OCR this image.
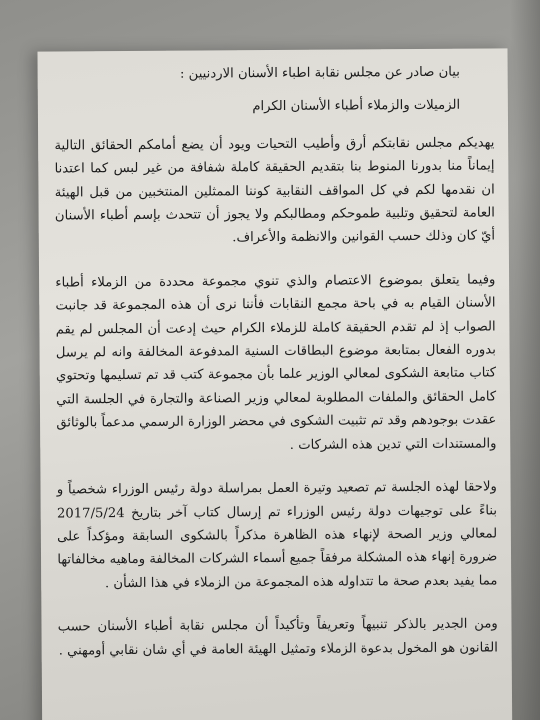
بيان صادر عن مجلس نقابة اطباء الأسنان الاردنيين :

الزميلات والزملاء أطباء الأسنان الكرام

يهديكم مجلس نقابتكم أرق وأطيب التحيات ويود أن يضع أمامكم الحقائق التالية إيماناً منا بدورنا المنوط بنا بتقديم الحقيقة كاملة شفافة من غير لبس كما اعتدنا ان نقدمها لكم في كل المواقف النقابية كوننا الممثلين المنتخبين من قبل الهيئة العامة لتحقيق وتلبية طموحكم ومطالبكم ولا يجوز أن تتحدث بإسم أطباء الأسنان أيّ كان وذلك حسب القوانين والانظمة والأعراف.

وفيما يتعلق بموضوع الاعتصام والذي تنوي مجموعة محددة من الزملاء أطباء الأسنان القيام به في باحة مجمع النقابات فأننا نرى أن هذه المجموعة قد جانبت الصواب إذ لم تقدم الحقيقة كاملة للزملاء الكرام حيث إدعت أن المجلس لم يقم بدوره الفعال بمتابعة موضوع البطاقات السنية المدفوعة المخالفة وانه لم يرسل كتاب متابعة الشكوى لمعالي الوزير علما بأن مجموعة كتب قد تم تسليمها وتحتوي كامل الحقائق والملفات المطلوبة لمعالي وزير الصناعة والتجارة في الجلسة التي عقدت بوجودهم وقد تم تثبيت الشكوى في محضر الوزارة الرسمي مدعماً بالوثائق والمستندات التي تدين هذه الشركات .

ولاحقا لهذه الجلسة تم تصعيد وتيرة العمل بمراسلة دولة رئيس الوزراء شخصياً و بناءً على توجيهات دولة رئيس الوزراء تم إرسال كتاب آخر بتاريخ 2017/5/24 لمعالي وزير الصحة لإنهاء هذه الظاهرة مذكراً بالشكوى السابقة ومؤكداً على ضرورة إنهاء هذه المشكلة مرفقاً جميع أسماء الشركات المخالفة وماهيه مخالفاتها مما يفيد بعدم صحة ما تتداوله هذه المجموعة من الزملاء في هذا الشأن .

ومن الجدير بالذكر تنبيهاً وتعريفاً وتأكيداً أن مجلس نقابة أطباء الأسنان حسب القانون هو المخول بدعوة الزملاء وتمثيل الهيئة العامة في أي شان نقابي أومهني .
